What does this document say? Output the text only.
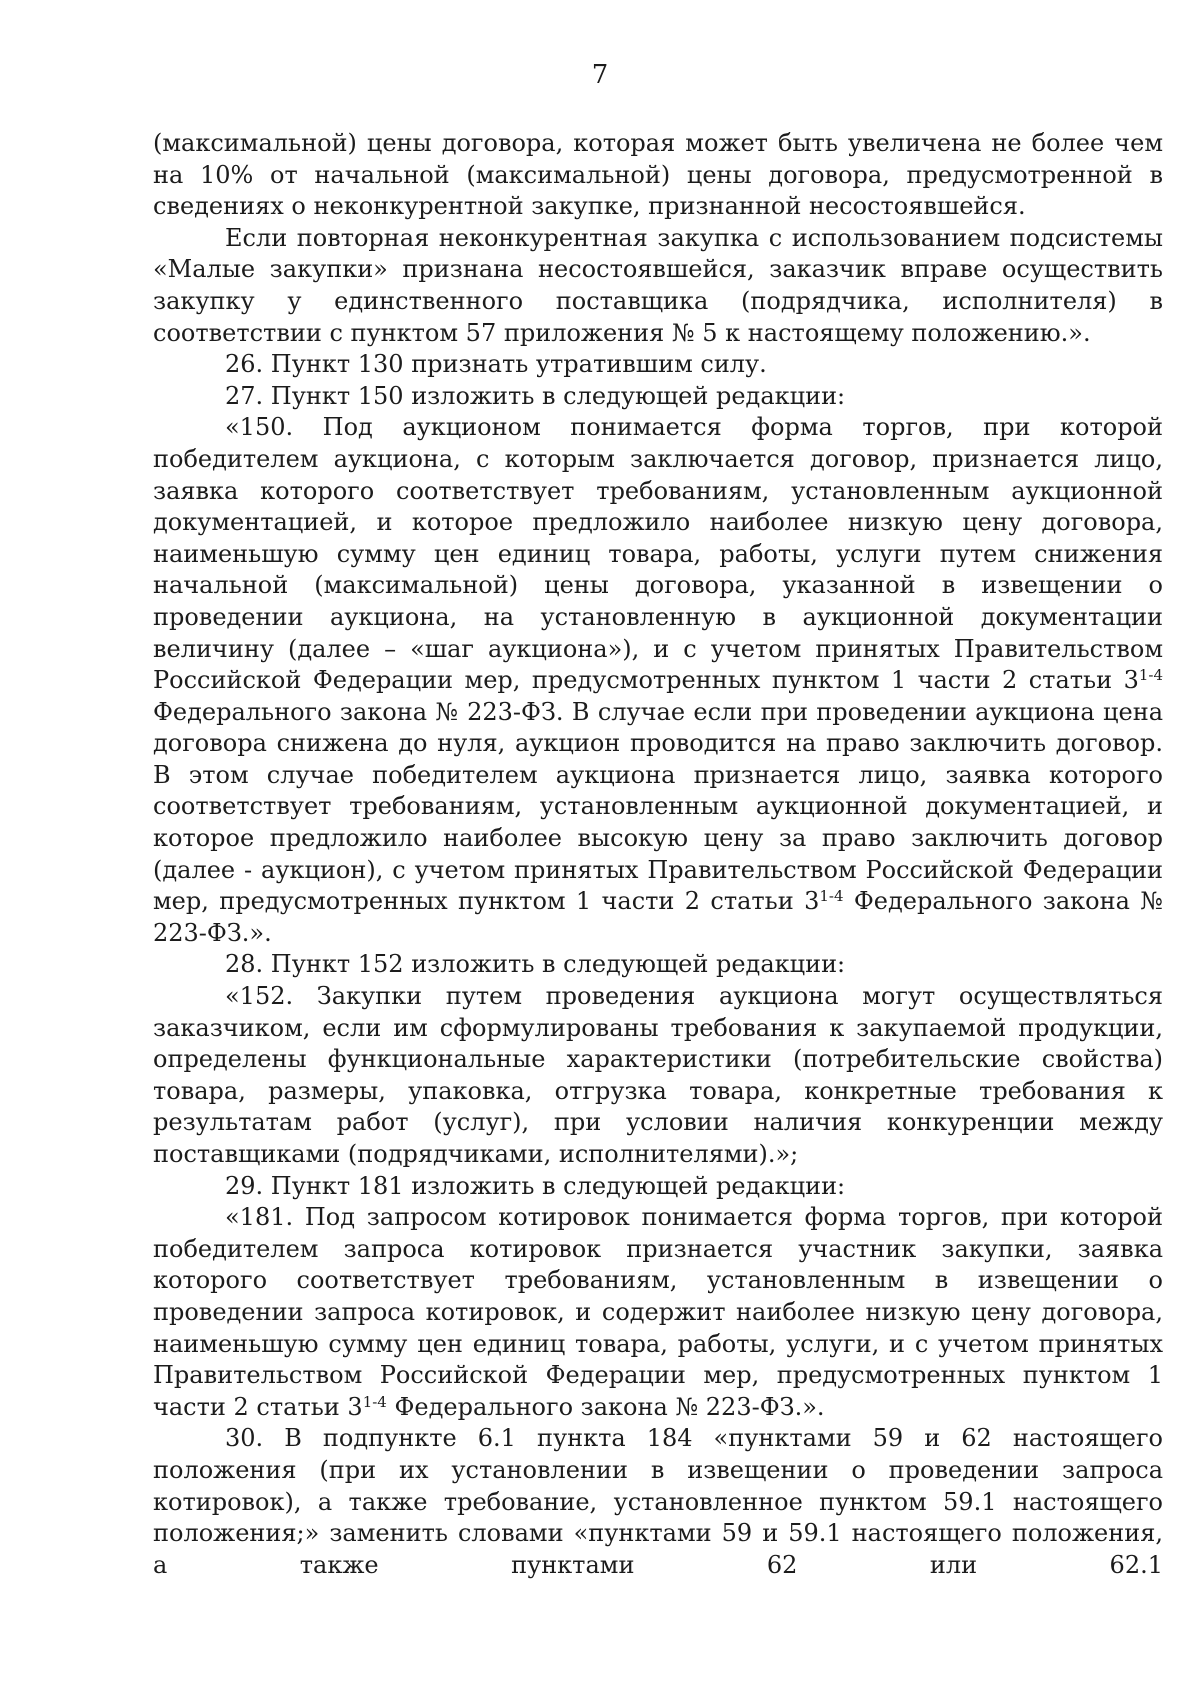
7

(максимальной) цены договора, которая может быть увеличена не более чем на 10% от начальной (максимальной) цены договора, предусмотренной в сведениях о неконкурентной закупке, признанной несостоявшейся.

Если повторная неконкурентная закупка с использованием подсистемы «Малые закупки» признана несостоявшейся, заказчик вправе осуществить закупку у единственного поставщика (подрядчика, исполнителя) в соответствии с пунктом 57 приложения № 5 к настоящему положению.».

26. Пункт 130 признать утратившим силу.

27. Пункт 150 изложить в следующей редакции:

«150. Под аукционом понимается форма торгов, при которой победителем аукциона, с которым заключается договор, признается лицо, заявка которого соответствует требованиям, установленным аукционной документацией, и которое предложило наиболее низкую цену договора, наименьшую сумму цен единиц товара, работы, услуги путем снижения начальной (максимальной) цены договора, указанной в извещении о проведении аукциона, на установленную в аукционной документации величину (далее – «шаг аукциона»), и с учетом принятых Правительством Российской Федерации мер, предусмотренных пунктом 1 части 2 статьи 3$^{1-4}$ Федерального закона № 223-ФЗ. В случае если при проведении аукциона цена договора снижена до нуля, аукцион проводится на право заключить договор. В этом случае победителем аукциона признается лицо, заявка которого соответствует требованиям, установленным аукционной документацией, и которое предложило наиболее высокую цену за право заключить договор (далее - аукцион), с учетом принятых Правительством Российской Федерации мер, предусмотренных пунктом 1 части 2 статьи 3$^{1-4}$ Федерального закона № 223-ФЗ.».

28. Пункт 152 изложить в следующей редакции:

«152. Закупки путем проведения аукциона могут осуществляться заказчиком, если им сформулированы требования к закупаемой продукции, определены функциональные характеристики (потребительские свойства) товара, размеры, упаковка, отгрузка товара, конкретные требования к результатам работ (услуг), при условии наличия конкуренции между поставщиками (подрядчиками, исполнителями).»;

29. Пункт 181 изложить в следующей редакции:

«181. Под запросом котировок понимается форма торгов, при которой победителем запроса котировок признается участник закупки, заявка которого соответствует требованиям, установленным в извещении о проведении запроса котировок, и содержит наиболее низкую цену договора, наименьшую сумму цен единиц товара, работы, услуги, и с учетом принятых Правительством Российской Федерации мер, предусмотренных пунктом 1 части 2 статьи 3$^{1-4}$ Федерального закона № 223-ФЗ.».

30. В подпункте 6.1 пункта 184 «пунктами 59 и 62 настоящего положения (при их установлении в извещении о проведении запроса котировок), а также требование, установленное пунктом 59.1 настоящего положения;» заменить словами «пунктами 59 и 59.1 настоящего положения, а также пунктами 62 или 62.1
